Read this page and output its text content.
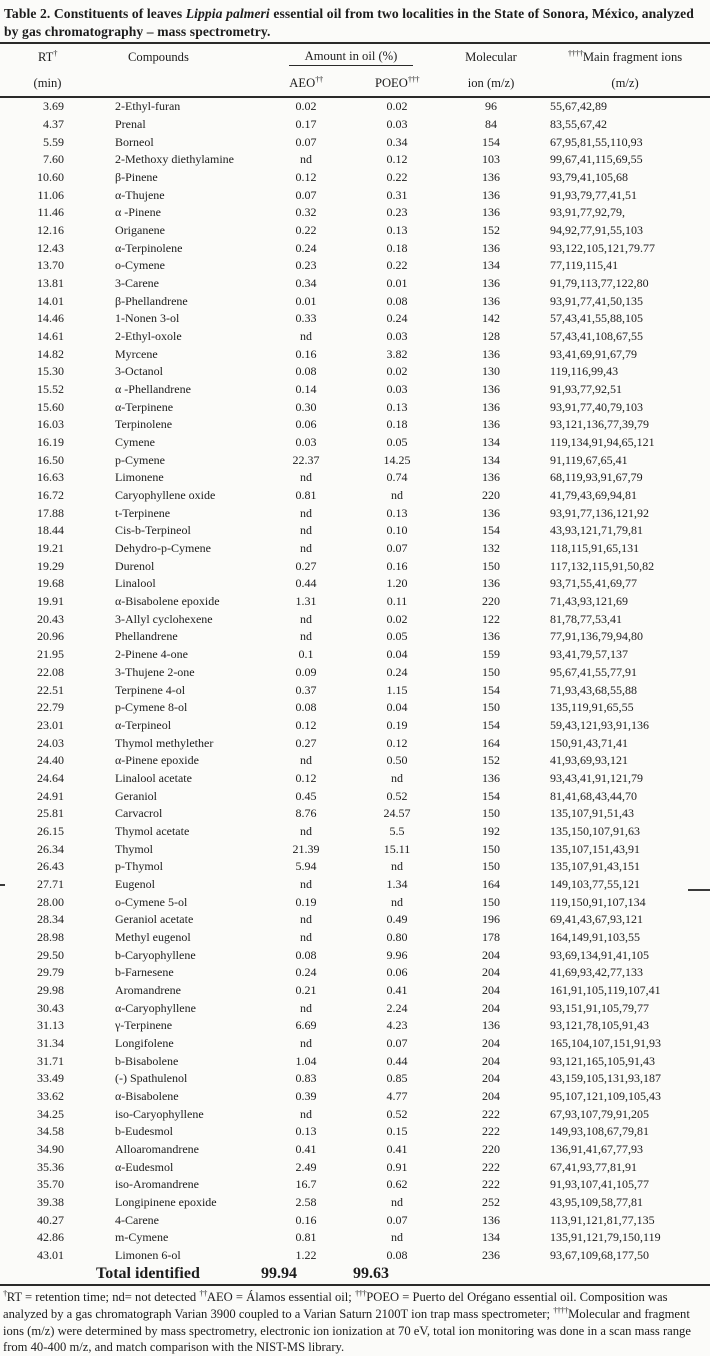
Table 2. Constituents of leaves Lippia palmeri essential oil from two localities in the State of Sonora, México, analyzed by gas chromatography – mass spectrometry.
RT†	Compounds	Amount in oil (%)		Molecular	††††Main fragment ions
(min)		AEO††	POEO†††	ion (m/z)	(m/z)
3.69	2-Ethyl-furan	0.02	0.02	96	55,67,42,89
4.37	Prenal	0.17	0.03	84	83,55,67,42
5.59	Borneol	0.07	0.34	154	67,95,81,55,110,93
7.60	2-Methoxy diethylamine	nd	0.12	103	99,67,41,115,69,55
10.60	β-Pinene	0.12	0.22	136	93,79,41,105,68
11.06	α-Thujene	0.07	0.31	136	91,93,79,77,41,51
11.46	α -Pinene	0.32	0.23	136	93,91,77,92,79,
12.16	Origanene	0.22	0.13	152	94,92,77,91,55,103
12.43	α-Terpinolene	0.24	0.18	136	93,122,105,121,79.77
13.70	o-Cymene	0.23	0.22	134	77,119,115,41
13.81	3-Carene	0.34	0.01	136	91,79,113,77,122,80
14.01	β-Phellandrene	0.01	0.08	136	93,91,77,41,50,135
14.46	1-Nonen 3-ol	0.33	0.24	142	57,43,41,55,88,105
14.61	2-Ethyl-oxole	nd	0.03	128	57,43,41,108,67,55
14.82	Myrcene	0.16	3.82	136	93,41,69,91,67,79
15.30	3-Octanol	0.08	0.02	130	119,116,99,43
15.52	α -Phellandrene	0.14	0.03	136	91,93,77,92,51
15.60	α-Terpinene	0.30	0.13	136	93,91,77,40,79,103
16.03	Terpinolene	0.06	0.18	136	93,121,136,77,39,79
16.19	Cymene	0.03	0.05	134	119,134,91,94,65,121
16.50	p-Cymene	22.37	14.25	134	91,119,67,65,41
16.63	Limonene	nd	0.74	136	68,119,93,91,67,79
16.72	Caryophyllene oxide	0.81	nd	220	41,79,43,69,94,81
17.88	t-Terpinene	nd	0.13	136	93,91,77,136,121,92
18.44	Cis-b-Terpineol	nd	0.10	154	43,93,121,71,79,81
19.21	Dehydro-p-Cymene	nd	0.07	132	118,115,91,65,131
19.29	Durenol	0.27	0.16	150	117,132,115,91,50,82
19.68	Linalool	0.44	1.20	136	93,71,55,41,69,77
19.91	α-Bisabolene epoxide	1.31	0.11	220	71,43,93,121,69
20.43	3-Allyl cyclohexene	nd	0.02	122	81,78,77,53,41
20.96	Phellandrene	nd	0.05	136	77,91,136,79,94,80
21.95	2-Pinene 4-one	0.1	0.04	159	93,41,79,57,137
22.08	3-Thujene 2-one	0.09	0.24	150	95,67,41,55,77,91
22.51	Terpinene 4-ol	0.37	1.15	154	71,93,43,68,55,88
22.79	p-Cymene 8-ol	0.08	0.04	150	135,119,91,65,55
23.01	α-Terpineol	0.12	0.19	154	59,43,121,93,91,136
24.03	Thymol methylether	0.27	0.12	164	150,91,43,71,41
24.40	α-Pinene epoxide	nd	0.50	152	41,93,69,93,121
24.64	Linalool acetate	0.12	nd	136	93,43,41,91,121,79
24.91	Geraniol	0.45	0.52	154	81,41,68,43,44,70
25.81	Carvacrol	8.76	24.57	150	135,107,91,51,43
26.15	Thymol acetate	nd	5.5	192	135,150,107,91,63
26.34	Thymol	21.39	15.11	150	135,107,151,43,91
26.43	p-Thymol	5.94	nd	150	135,107,91,43,151
27.71	Eugenol	nd	1.34	164	149,103,77,55,121
28.00	o-Cymene 5-ol	0.19	nd	150	119,150,91,107,134
28.34	Geraniol acetate	nd	0.49	196	69,41,43,67,93,121
28.98	Methyl eugenol	nd	0.80	178	164,149,91,103,55
29.50	b-Caryophyllene	0.08	9.96	204	93,69,134,91,41,105
29.79	b-Farnesene	0.24	0.06	204	41,69,93,42,77,133
29.98	Aromandrene	0.21	0.41	204	161,91,105,119,107,41
30.43	α-Caryophyllene	nd	2.24	204	93,151,91,105,79,77
31.13	γ-Terpinene	6.69	4.23	136	93,121,78,105,91,43
31.34	Longifolene	nd	0.07	204	165,104,107,151,91,93
31.71	b-Bisabolene	1.04	0.44	204	93,121,165,105,91,43
33.49	(-) Spathulenol	0.83	0.85	204	43,159,105,131,93,187
33.62	α-Bisabolene	0.39	4.77	204	95,107,121,109,105,43
34.25	iso-Caryophyllene	nd	0.52	222	67,93,107,79,91,205
34.58	b-Eudesmol	0.13	0.15	222	149,93,108,67,79,81
34.90	Alloaromandrene	0.41	0.41	220	136,91,41,67,77,93
35.36	α-Eudesmol	2.49	0.91	222	67,41,93,77,81,91
35.70	iso-Aromandrene	16.7	0.62	222	91,93,107,41,105,77
39.38	Longipinene epoxide	2.58	nd	252	43,95,109,58,77,81
40.27	4-Carene	0.16	0.07	136	113,91,121,81,77,135
42.86	m-Cymene	0.81	nd	134	135,91,121,79,150,119
43.01	Limonen 6-ol	1.22	0.08	236	93,67,109,68,177,50
	Total identified	99.94	99.63		
†RT = retention time; nd= not detected ††AEO = Álamos essential oil; †††POEO = Puerto del Orégano essential oil. Composition was analyzed by a gas chromatograph Varian 3900 coupled to a Varian Saturn 2100T ion trap mass spectrometer; ††††Molecular and fragment ions (m/z) were determined by mass spectrometry, electronic ion ionization at 70 eV, total ion monitoring was done in a scan mass range from 40-400 m/z, and match comparison with the NIST-MS library.
